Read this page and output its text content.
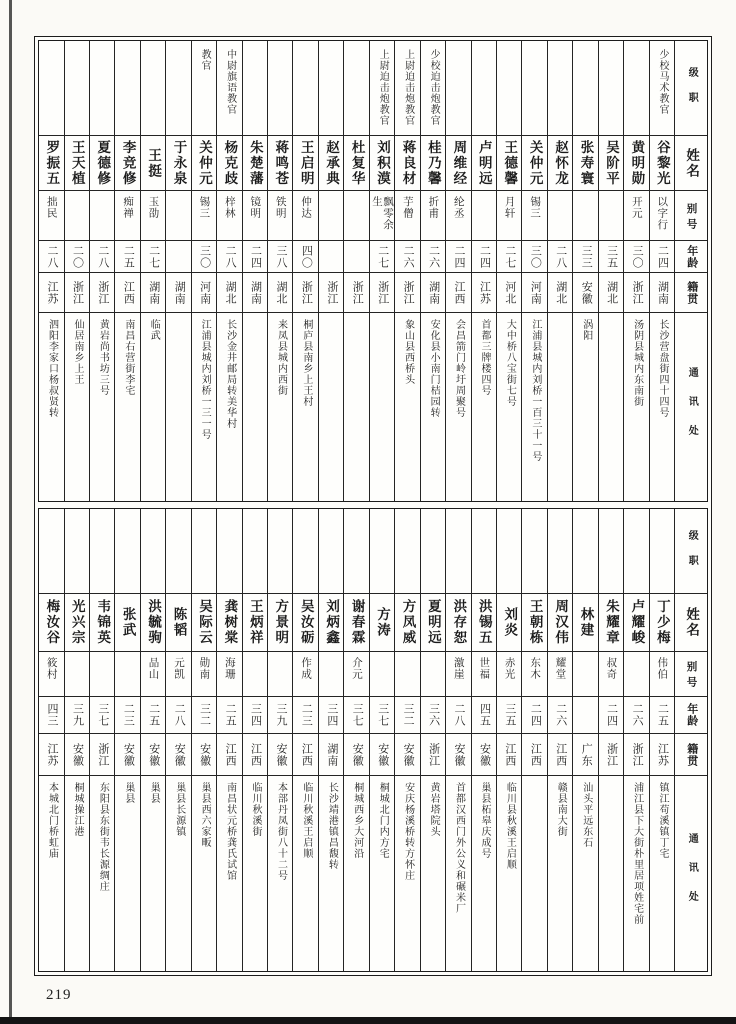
级职
姓名
别号
年龄
籍贯
通讯处
少校马术教官
谷黎光
以字行
二四
湖南
长沙营盘街四十四号
黄明勋
开元
三〇
浙江
汤阴县城内东南街
吴阶平
三五
湖北
张寿寰
三三
安徽
涡阳
赵怀龙
二八
湖北
关仲元
锡三
三〇
河南
江浦县城内刘桥一百三十一号
王德馨
月轩
二七
河北
大中桥八宝街七号
卢明远
二四
江苏
首都三牌楼四号
周维经
纶丞
二四
江西
会昌箭门岭圩周聚号
少校迫击炮教官
桂乃馨
折甫
二六
湖南
安化县小南门桔园转
上尉迫击炮教官
蒋良材
芋僧
二六
浙江
象山县西桥头
上尉迫击炮教官
刘积漠
飘零余生
二七
浙江
杜复华
浙江
赵承典
浙江
王启明
仲达
四〇
浙江
桐庐县南乡上王村
蒋鸣苍
铁明
三八
湖北
来凤县城内西街
朱楚藩
镜明
二四
湖南
中尉旗语教官
杨克歧
梓林
二八
湖北
长沙金井邮局转美华村
教官
关仲元
锡三
三〇
河南
江浦县城内刘桥一三一号
于永泉
湖南
王挺
玉劭
二七
湖南
临武
李竞修
痴禅
二五
江西
南昌右营街李宅
夏德修
二八
浙江
黄岩尚书坊三号
王天植
二〇
浙江
仙居南乡上王
罗振五
拙民
二八
江苏
泗阳李家口杨叔贤转
级职
姓名
别号
年龄
籍贯
通讯处
丁少梅
伟伯
二五
江苏
镇江苟溪镇丁宅
卢耀峻
二六
浙江
浦江县下大街朴里居项姓宅前
朱耀章
叔奇
二四
浙江
林建
广东
汕头平远东石
周汉伟
耀堂
二六
江西
赣县南大街
王朝栋
东木
二四
江西
刘炎
赤光
三五
江西
临川县秋溪王启顺
洪锡五
世福
四五
安徽
巢县柘皋庆成号
洪存恕
激崖
二八
安徽
首都汉西门外公义和碾米厂
夏明远
三六
浙江
黄岩塔院头
方凤威
三二
安徽
安庆杨溪桥转方怀庄
方涛
三七
安徽
桐城北门内方宅
谢春霖
介元
三七
安徽
桐城西乡大河沿
刘炳鑫
三四
湖南
长沙靖港镇昌馥转
吴汝砺
作成
二三
江西
临川秋溪王启顺
方景明
三九
安徽
本部丹凤街八十二号
王炳祥
三四
江西
临川秋溪街
龚树棠
海珊
二五
江西
南昌状元桥龚氏试馆
吴际云
勋南
三二
安徽
巢县西六家畈
陈韬
元凯
二八
安徽
巢县长源镇
洪毓驹
品山
二五
安徽
巢县
张武
二三
安徽
巢县
韦锦英
三七
浙江
东阳县东街韦长源绸庄
光兴宗
三九
安徽
桐城操江港
梅汝谷
筱村
四三
江苏
本城北门桥虹庙
219
